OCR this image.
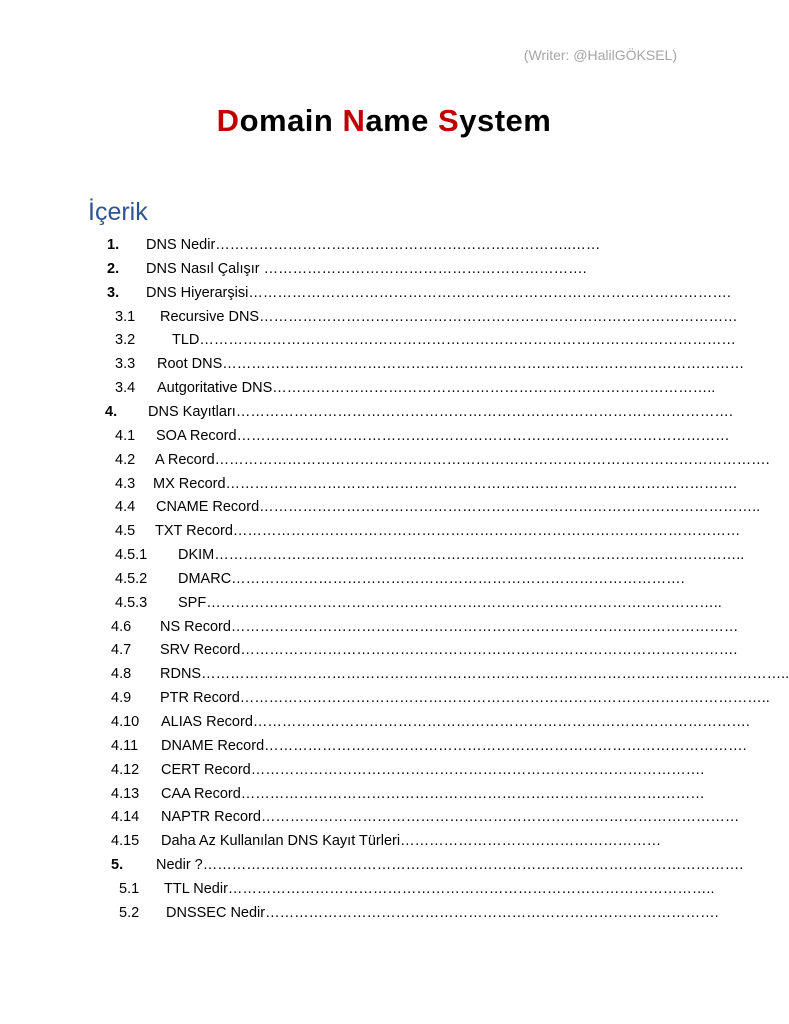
(Writer: @HalilGÖKSEL)
Domain Name System
İçerik
1. DNS Nedir………………………………………………………………..……
2. DNS Nasıl Çalışır ………………………………………………………….
3. DNS Hiyerarşisi……………………………………………………………………………………….
3.1 Recursive DNS………………………………………………………………………………………
3.2	TLD…………………………………………………………………………………………………
3.3 Root DNS………………………………………………………………………………………………
3.4 Autgoritative DNS………………………………………………………………………………..
4. DNS Kayıtları………………………………………………………………………………………….
4.1 SOA Record…………………………………………………………………………………………
4.2 A Record…………………………………………………………………………………………………….
4.3 MX Record…………………………………………………………………………………………….
4.4 CNAME Record…………………………………………………………………………………………..
4.5 TXT Record……………………………………………………………………………………………
4.5.1 DKIM………………………………………………………………………………………………..
4.5.2 DMARC………………………………………………………………………………….
4.5.3 SPF……………………………………………………………………………………………..
4.6 NS Record……………………………………………………………………………………………
4.7 SRV Record………………………………………………………………………………………….
4.8 RDNS…………………………………………………………………………………………………………..
4.9 PTR Record………………………………………………………………………………………………..
4.10 ALIAS Record………………………………………………………………………………………….
4.11 DNAME Record……………………………………………………………………………………….
4.12 CERT Record………………………………………………………………………………….
4.13 CAA Record……………………………………………………………………………………
4.14 NAPTR Record………………………………………………………………………………………
4.15 Daha Az Kullanılan DNS Kayıt Türleri………………………………………………
5. Nedir ?………………………………………………………………………………………………….
5.1 TTL Nedir………………………………………………………………………………………..
5.2 DNSSEC Nedir………………………………………………………………………………….
